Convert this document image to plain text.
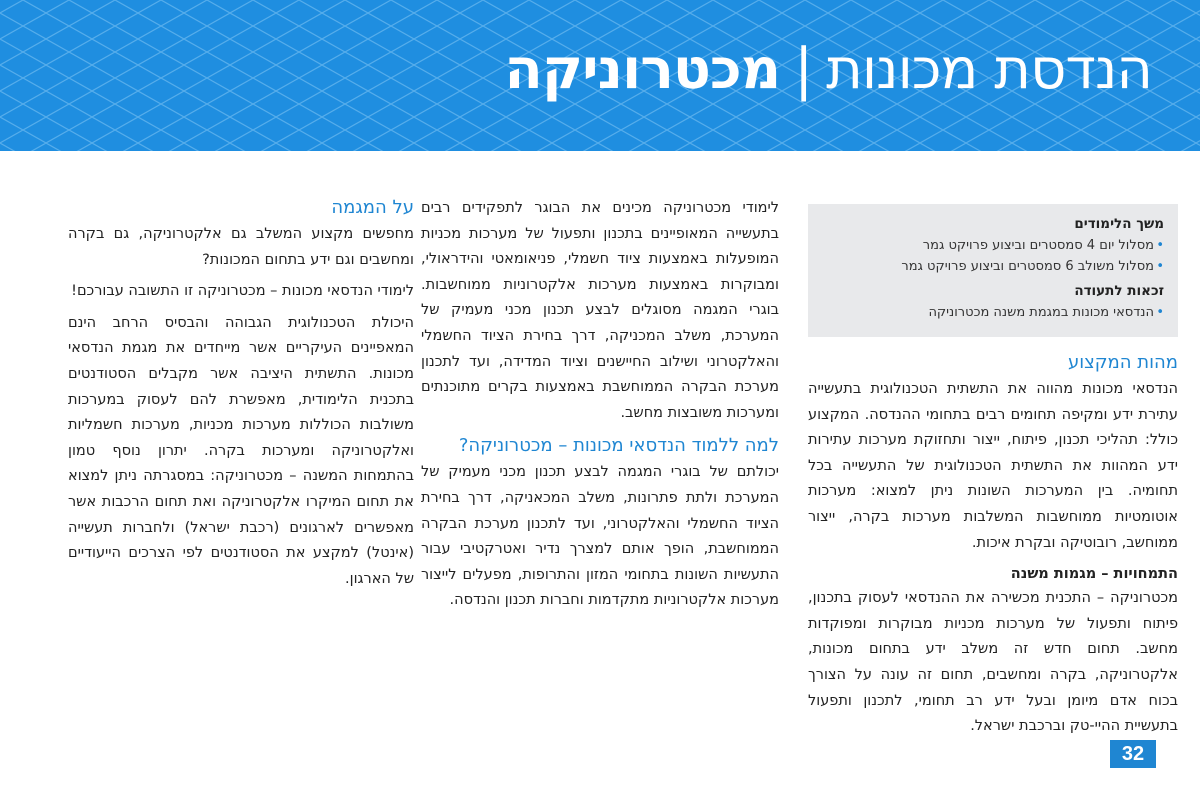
הנדסת מכונות
|
מכטרוניקה
משך הלימודים
• מסלול יום 4 סמסטרים וביצוע פרויקט גמר
• מסלול משולב 6 סמסטרים וביצוע פרויקט גמר
זכאות לתעודה
• הנדסאי מכונות במגמת משנה מכטרוניקה
מהות המקצוע

הנדסאי מכונות מהווה את התשתית הטכנולוגית בתעשייה עתירת ידע ומקיפה תחומים רבים בתחומי ההנדסה. המקצוע כולל: תהליכי תכנון, פיתוח, ייצור ותחזוקת מערכות עתירות ידע המהוות את התשתית הטכנולוגית של התעשייה בכל תחומיה. בין המערכות השונות ניתן למצוא: מערכות אוטומטיות ממוחשבות המשלבות מערכות בקרה, ייצור ממוחשב, רובוטיקה ובקרת איכות.

התמחויות – מגמות משנה

מכטרוניקה – התכנית מכשירה את ההנדסאי לעסוק בתכנון, פיתוח ותפעול של מערכות מכניות מבוקרות ומפוקדות מחשב. תחום חדש זה משלב ידע בתחום מכונות, אלקטרוניקה, בקרה ומחשבים, תחום זה עונה על הצורך בכוח אדם מיומן ובעל ידע רב תחומי, לתכנון ותפעול בתעשיית ההיי-טק וברכבת ישראל.

לימודי מכטרוניקה מכינים את הבוגר לתפקידים רבים בתעשייה המאופיינים בתכנון ותפעול של מערכות מכניות המופעלות באמצעות ציוד חשמלי, פניאומאטי והידראולי, ומבוקרות באמצעות מערכות אלקטרוניות ממוחשבות. בוגרי המגמה מסוגלים לבצע תכנון מכני מעמיק של המערכת, משלב המכניקה, דרך בחירת הציוד החשמלי והאלקטרוני ושילוב החיישנים וציוד המדידה, ועד לתכנון מערכת הבקרה הממוחשבת באמצעות בקרים מתוכנתים ומערכות משובצות מחשב.

למה ללמוד הנדסאי מכונות – מכטרוניקה?

יכולתם של בוגרי המגמה לבצע תכנון מכני מעמיק של המערכת ולתת פתרונות, משלב המכאניקה, דרך בחירת הציוד החשמלי והאלקטרוני, ועד לתכנון מערכת הבקרה הממוחשבת, הופך אותם למצרך נדיר ואטרקטיבי עבור התעשיות השונות בתחומי המזון והתרופות, מפעלים לייצור מערכות אלקטרוניות מתקדמות וחברות תכנון והנדסה.

על המגמה

מחפשים מקצוע המשלב גם אלקטרוניקה, גם בקרה ומחשבים וגם ידע בתחום המכונות?

לימודי הנדסאי מכונות – מכטרוניקה זו התשובה עבורכם!

היכולת הטכנולוגית הגבוהה והבסיס הרחב הינם המאפיינים העיקריים אשר מייחדים את מגמת הנדסאי מכונות. התשתית היציבה אשר מקבלים הסטודנטים בתכנית הלימודית, מאפשרת להם לעסוק במערכות משולבות הכוללות מערכות מכניות, מערכות חשמליות ואלקטרוניקה ומערכות בקרה. יתרון נוסף טמון בהתמחות המשנה – מכטרוניקה: במסגרתה ניתן למצוא את תחום המיקרו אלקטרוניקה ואת תחום הרכבות אשר מאפשרים לארגונים (רכבת ישראל) ולחברות תעשייה (אינטל) למקצע את הסטודנטים לפי הצרכים הייעודיים של הארגון.

32
